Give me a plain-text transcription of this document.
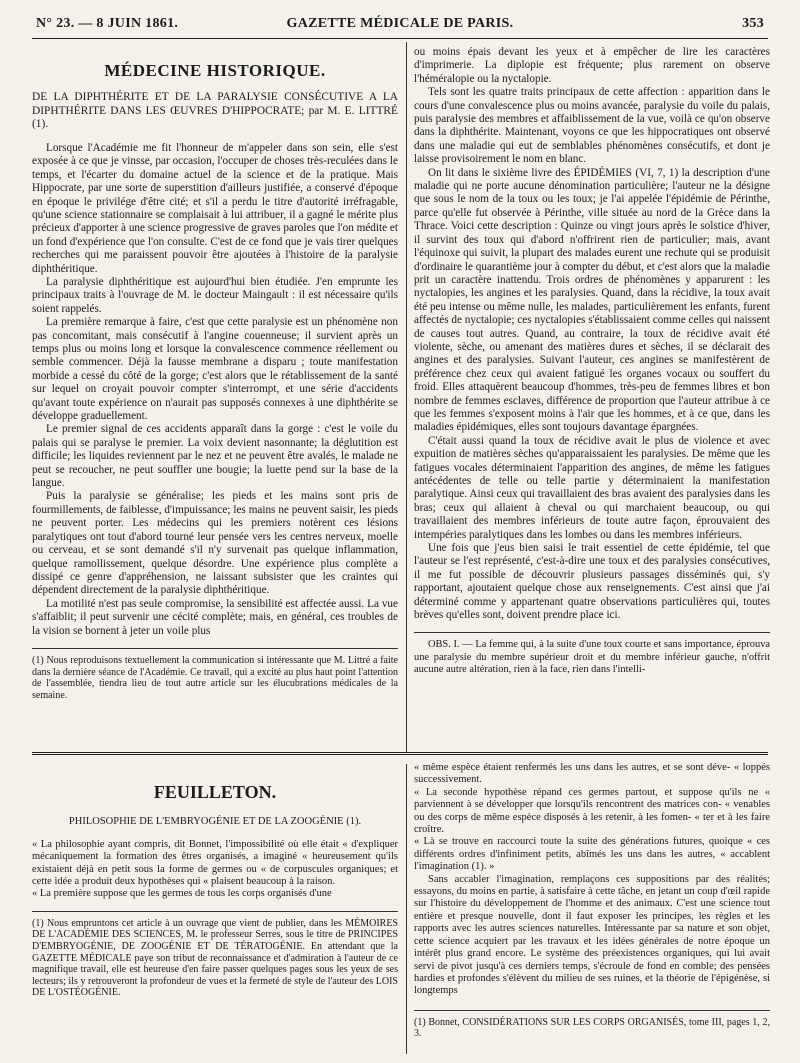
N° 23. — 8 JUIN 1861.	GAZETTE MÉDICALE DE PARIS.	353
MÉDECINE HISTORIQUE.
DE LA DIPHTHÉRITE ET DE LA PARALYSIE CONSÉCUTIVE A LA DIPHTHÉRITE DANS LES ŒUVRES D'HIPPOCRATE; par M. E. LITTRÉ (1).

Lorsque l'Académie me fit l'honneur de m'appeler dans son sein, elle s'est exposée à ce que je vinsse, par occasion, l'occuper de choses très-reculées dans le temps, et l'écarter du domaine actuel de la science et de la pratique. Mais Hippocrate, par une sorte de superstition d'ailleurs justifiée, a conservé d'époque en époque le privilége d'être cité; et s'il a perdu le titre d'autorité irréfragable, qu'une science stationnaire se complaisait à lui attribuer, il a gagné le mérite plus précieux d'apporter à une science progressive de graves paroles que l'on médite et un fond d'expérience que l'on consulte. C'est de ce fond que je vais tirer quelques recherches qui me paraissent pouvoir être ajoutées à l'histoire de la paralysie diphthéritique.

La paralysie diphthéritique est aujourd'hui bien étudiée. J'en emprunte les principaux traits à l'ouvrage de M. le docteur Maingault : il est nécessaire qu'ils soient rappelés.

La première remarque à faire, c'est que cette paralysie est un phénomène non pas concomitant, mais consécutif à l'angine couenneuse; il survient après un temps plus ou moins long et lorsque la convalescence commence réellement ou semble commencer. Déjà la fausse membrane a disparu ; toute manifestation morbide a cessé du côté de la gorge; c'est alors que le rétablissement de la santé sur lequel on croyait pouvoir compter s'interrompt, et une série d'accidents qu'avant toute expérience on n'aurait pas supposés connexes à une diphthérite se développe graduellement.

Le premier signal de ces accidents apparaît dans la gorge : c'est le voile du palais qui se paralyse le premier. La voix devient nasonnante; la déglutition est difficile; les liquides reviennent par le nez et ne peuvent être avalés, le malade ne peut se recoucher, ne peut souffler une bougie; la luette pend sur la base de la langue.

Puis la paralysie se généralise; les pieds et les mains sont pris de fourmillements, de faiblesse, d'impuissance; les mains ne peuvent saisir, les pieds ne peuvent porter. Les médecins qui les premiers notèrent ces lésions paralytiques ont tout d'abord tourné leur pensée vers les centres nerveux, moelle ou cerveau, et se sont demandé s'il n'y survenait pas quelque inflammation, quelque ramollissement, quelque désordre. Une expérience plus complète a dissipé ce genre d'appréhension, ne laissant subsister que les craintes qui dépendent directement de la paralysie diphthéritique.

La motilité n'est pas seule compromise, la sensibilité est affectée aussi. La vue s'affaiblit; il peut survenir une cécité complète; mais, en général, ces troubles de la vision se bornent à jeter un voile plus

(1) Nous reproduisons textuellement la communication si intéressante que M. Littré a faite dans la dernière séance de l'Académie. Ce travail, qui a excité au plus haut point l'attention de l'assemblée, tiendra lieu de tout autre article sur les élucubrations médicales de la semaine.

ou moins épais devant les yeux et à empêcher de lire les caractères d'imprimerie. La diplopie est fréquente; plus rarement on observe l'héméralopie ou la nyctalopie.

Tels sont les quatre traits principaux de cette affection : apparition dans le cours d'une convalescence plus ou moins avancée, paralysie du voile du palais, puis paralysie des membres et affaiblissement de la vue, voilà ce qu'on observe dans la diphthérite. Maintenant, voyons ce que les hippocratiques ont observé dans une maladie qui eut de semblables phénomènes consécutifs, et dont je laisse provisoirement le nom en blanc.

On lit dans le sixième livre des ÉPIDÉMIES (VI, 7, 1) la description d'une maladie qui ne porte aucune dénomination particulière; l'auteur ne la désigne que sous le nom de la toux ou les toux; je l'ai appelée l'épidémie de Périnthe, parce qu'elle fut observée à Périnthe, ville située au nord de la Grèce dans la Thrace. Voici cette description : Quinze ou vingt jours après le solstice d'hiver, il survint des toux qui d'abord n'offrirent rien de particulier; mais, avant l'équinoxe qui suivit, la plupart des malades eurent une rechute qui se produisit d'ordinaire le quarantième jour à compter du début, et c'est alors que la maladie prit un caractère inattendu. Trois ordres de phénomènes y apparurent : les nyctalopies, les angines et les paralysies. Quand, dans la récidive, la toux avait été peu intense ou même nulle, les malades, particulièrement les enfants, furent affectés de nyctalopie; ces nyctalopies s'établissaient comme celles qui naissent de causes tout autres. Quand, au contraire, la toux de récidive avait été violente, sèche, ou amenant des matières dures et sèches, il se déclarait des angines et des paralysies. Suivant l'auteur, ces angines se manifestèrent de préférence chez ceux qui avaient fatigué les organes vocaux ou souffert du froid. Elles attaquèrent beaucoup d'hommes, très-peu de femmes libres et bon nombre de femmes esclaves, différence de proportion que l'auteur attribue à ce que les femmes s'exposent moins à l'air que les hommes, et à ce que, dans les maladies épidémiques, elles sont toujours davantage épargnées.

C'était aussi quand la toux de récidive avait le plus de violence et avec expuition de matières sèches qu'apparaissaient les paralysies. De même que les fatigues vocales déterminaient l'apparition des angines, de même les fatigues antécédentes de telle ou telle partie y déterminaient la manifestation paralytique. Ainsi ceux qui travaillaient des bras avaient des paralysies dans les bras; ceux qui allaient à cheval ou qui marchaient beaucoup, ou qui travaillaient des membres inférieurs de toute autre façon, éprouvaient des intempéries paralytiques dans les lombes ou dans les membres inférieurs.

Une fois que j'eus bien saisi le trait essentiel de cette épidémie, tel que l'auteur se l'est représenté, c'est-à-dire une toux et des paralysies consécutives, il me fut possible de découvrir plusieurs passages disséminés qui, s'y rapportant, ajoutaient quelque chose aux renseignements. C'est ainsi que j'ai déterminé comme y appartenant quatre observations particulières qui, toutes brèves qu'elles sont, doivent prendre place ici.

OBS. I. — La femme qui, à la suite d'une toux courte et sans importance, éprouva une paralysie du membre supérieur droit et du membre inférieur gauche, n'offrit aucune autre altération, rien à la face, rien dans l'intelli-

FEUILLETON.
PHILOSOPHIE DE L'EMBRYOGÉNIE ET DE LA ZOOGÉNIE (1).

« La philosophie ayant compris, dit Bonnet, l'impossibilité où elle était « d'expliquer mécaniquement la formation des êtres organisés, a imaginé « heureusement qu'ils existaient déjà en petit sous la forme de germes ou « de corpuscules organiques; et cette idée a produit deux hypothèses qui « plaisent beaucoup à la raison.

« La première suppose que les germes de tous les corps organisés d'une

(1) Nous empruntons cet article à un ouvrage que vient de publier, dans les MÉMOIRES DE L'ACADÉMIE DES SCIENCES, M. le professeur Serres, sous le titre de PRINCIPES D'EMBRYOGÉNIE, DE ZOOGÉNIE ET DE TÉRATOGÉNIE. En attendant que la GAZETTE MÉDICALE paye son tribut de reconnaissance et d'admiration à l'auteur de ce magnifique travail, elle est heureuse d'en faire passer quelques pages sous les yeux de ses lecteurs; ils y retrouveront la profondeur de vues et la fermeté de style de l'auteur des LOIS DE L'OSTÉOGÉNIE.

« même espèce étaient renfermés les uns dans les autres, et se sont déve- « loppés successivement.

« La seconde hypothèse répand ces germes partout, et suppose qu'ils ne « parviennent à se développer que lorsqu'ils rencontrent des matrices con- « venables ou des corps de même espèce disposés à les retenir, à les fomen- « ter et à les faire croître.

« Là se trouve en raccourci toute la suite des générations futures, quoique « ces différents ordres d'infiniment petits, abîmés les uns dans les autres, « accablent l'imagination (1). »

Sans accabler l'imagination, remplaçons ces suppositions par des réalités; essayons, du moins en partie, à satisfaire à cette tâche, en jetant un coup d'œil rapide sur l'histoire du développement de l'homme et des animaux. C'est une science tout entière et presque nouvelle, dont il faut exposer les principes, les règles et les rapports avec les autres sciences naturelles. Intéressante par sa nature et son objet, cette science acquiert par les travaux et les idées générales de notre époque un intérêt plus grand encore. Le système des préexistences organiques, qui lui avait servi de pivot jusqu'à ces derniers temps, s'écroule de fond en comble; des pensées hardies et profondes s'élèvent du milieu de ses ruines, et la théorie de l'épigénèse, si longtemps

(1) Bonnet, CONSIDÉRATIONS SUR LES CORPS ORGANISÉS, tome III, pages 1, 2, 3.
